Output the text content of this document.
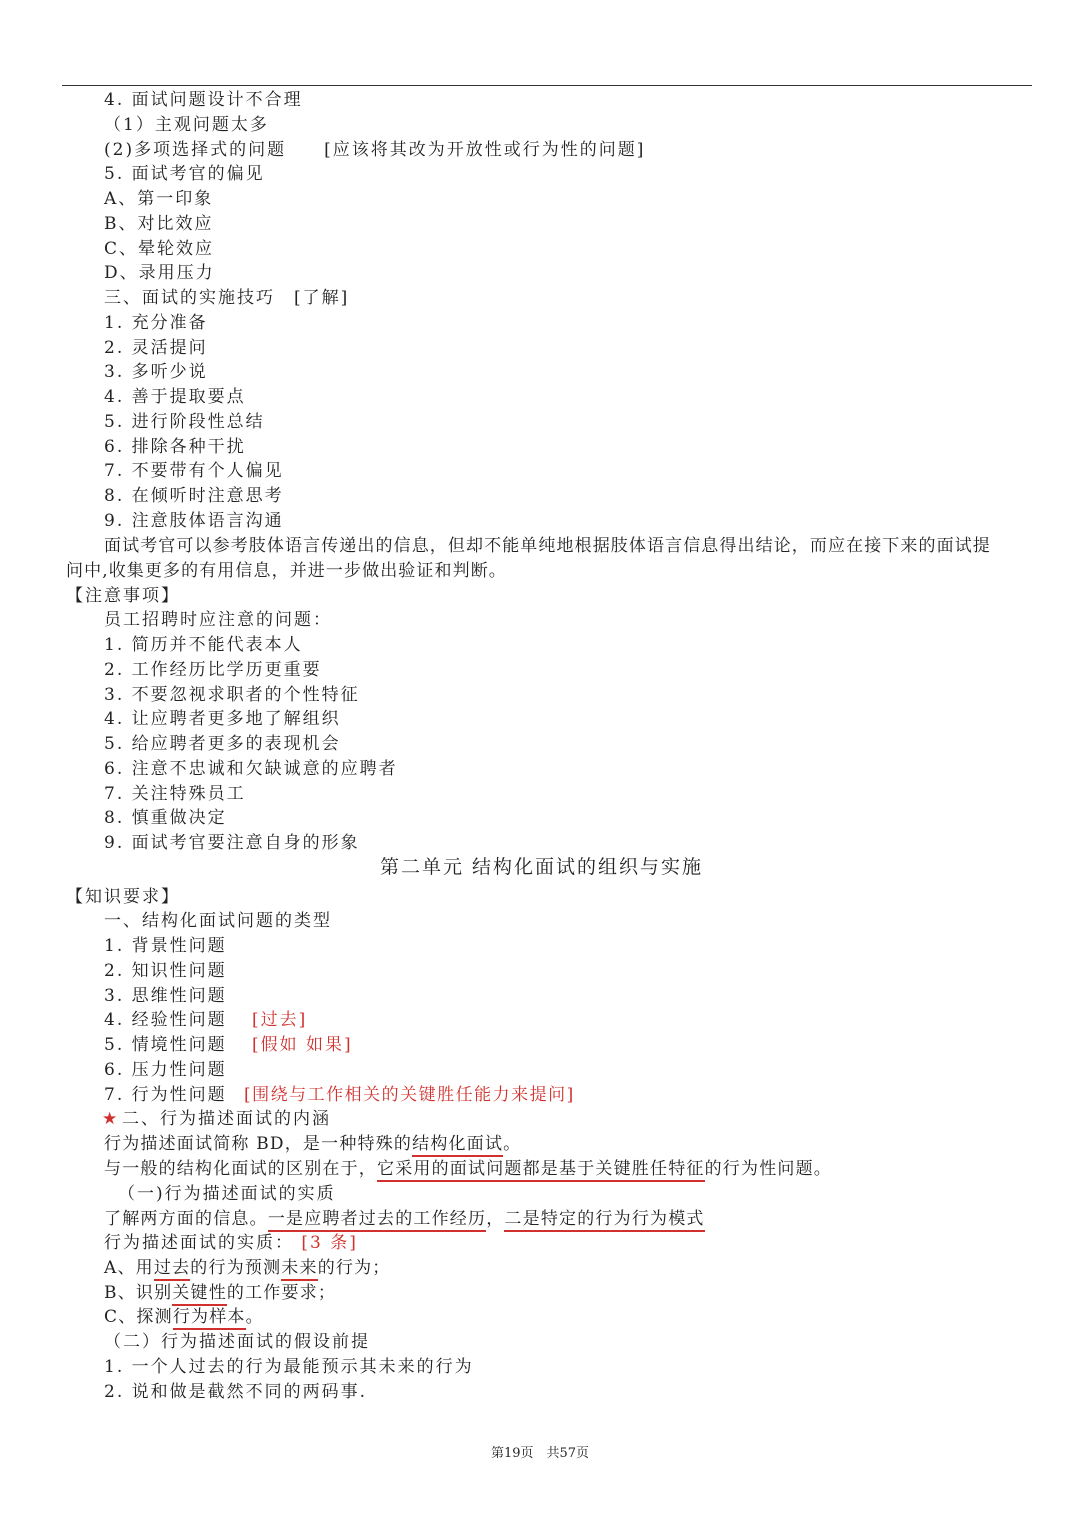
4. 面试问题设计不合理
（1）主观问题太多
(2)多项选择式的问题　　[应该将其改为开放性或行为性的问题]
5. 面试考官的偏见
A、第一印象
B、对比效应
C、晕轮效应
D、录用压力
三、面试的实施技巧　[了解]
1. 充分准备
2. 灵活提问
3. 多听少说
4. 善于提取要点
5. 进行阶段性总结
6. 排除各种干扰
7. 不要带有个人偏见
8. 在倾听时注意思考
9. 注意肢体语言沟通
面试考官可以参考肢体语言传递出的信息，但却不能单纯地根据肢体语言信息得出结论，而应在接下来的面试提
问中,收集更多的有用信息，并进一步做出验证和判断。
【注意事项】
员工招聘时应注意的问题：
1. 简历并不能代表本人
2. 工作经历比学历更重要
3. 不要忽视求职者的个性特征
4. 让应聘者更多地了解组织
5. 给应聘者更多的表现机会
6. 注意不忠诚和欠缺诚意的应聘者
7. 关注特殊员工
8. 慎重做决定
9. 面试考官要注意自身的形象
第二单元 结构化面试的组织与实施
【知识要求】
一、结构化面试问题的类型
1. 背景性问题
2. 知识性问题
3. 思维性问题
4. 经验性问题 [过去]
5. 情境性问题 [假如 如果]
6. 压力性问题
7. 行为性问题 [围绕与工作相关的关键胜任能力来提问]
★ 二、行为描述面试的内涵
行为描述面试简称 BD，是一种特殊的结构化面试。
与一般的结构化面试的区别在于，它采用的面试问题都是基于关键胜任特征的行为性问题。
（一)行为描述面试的实质
了解两方面的信息。一是应聘者过去的工作经历，二是特定的行为行为模式
行为描述面试的实质： [3 条]
A、用过去的行为预测未来的行为；
B、识别关键性的工作要求；
C、探测行为样本。
（二）行为描述面试的假设前提
1. 一个人过去的行为最能预示其未来的行为
2. 说和做是截然不同的两码事.
第19页　共57页
